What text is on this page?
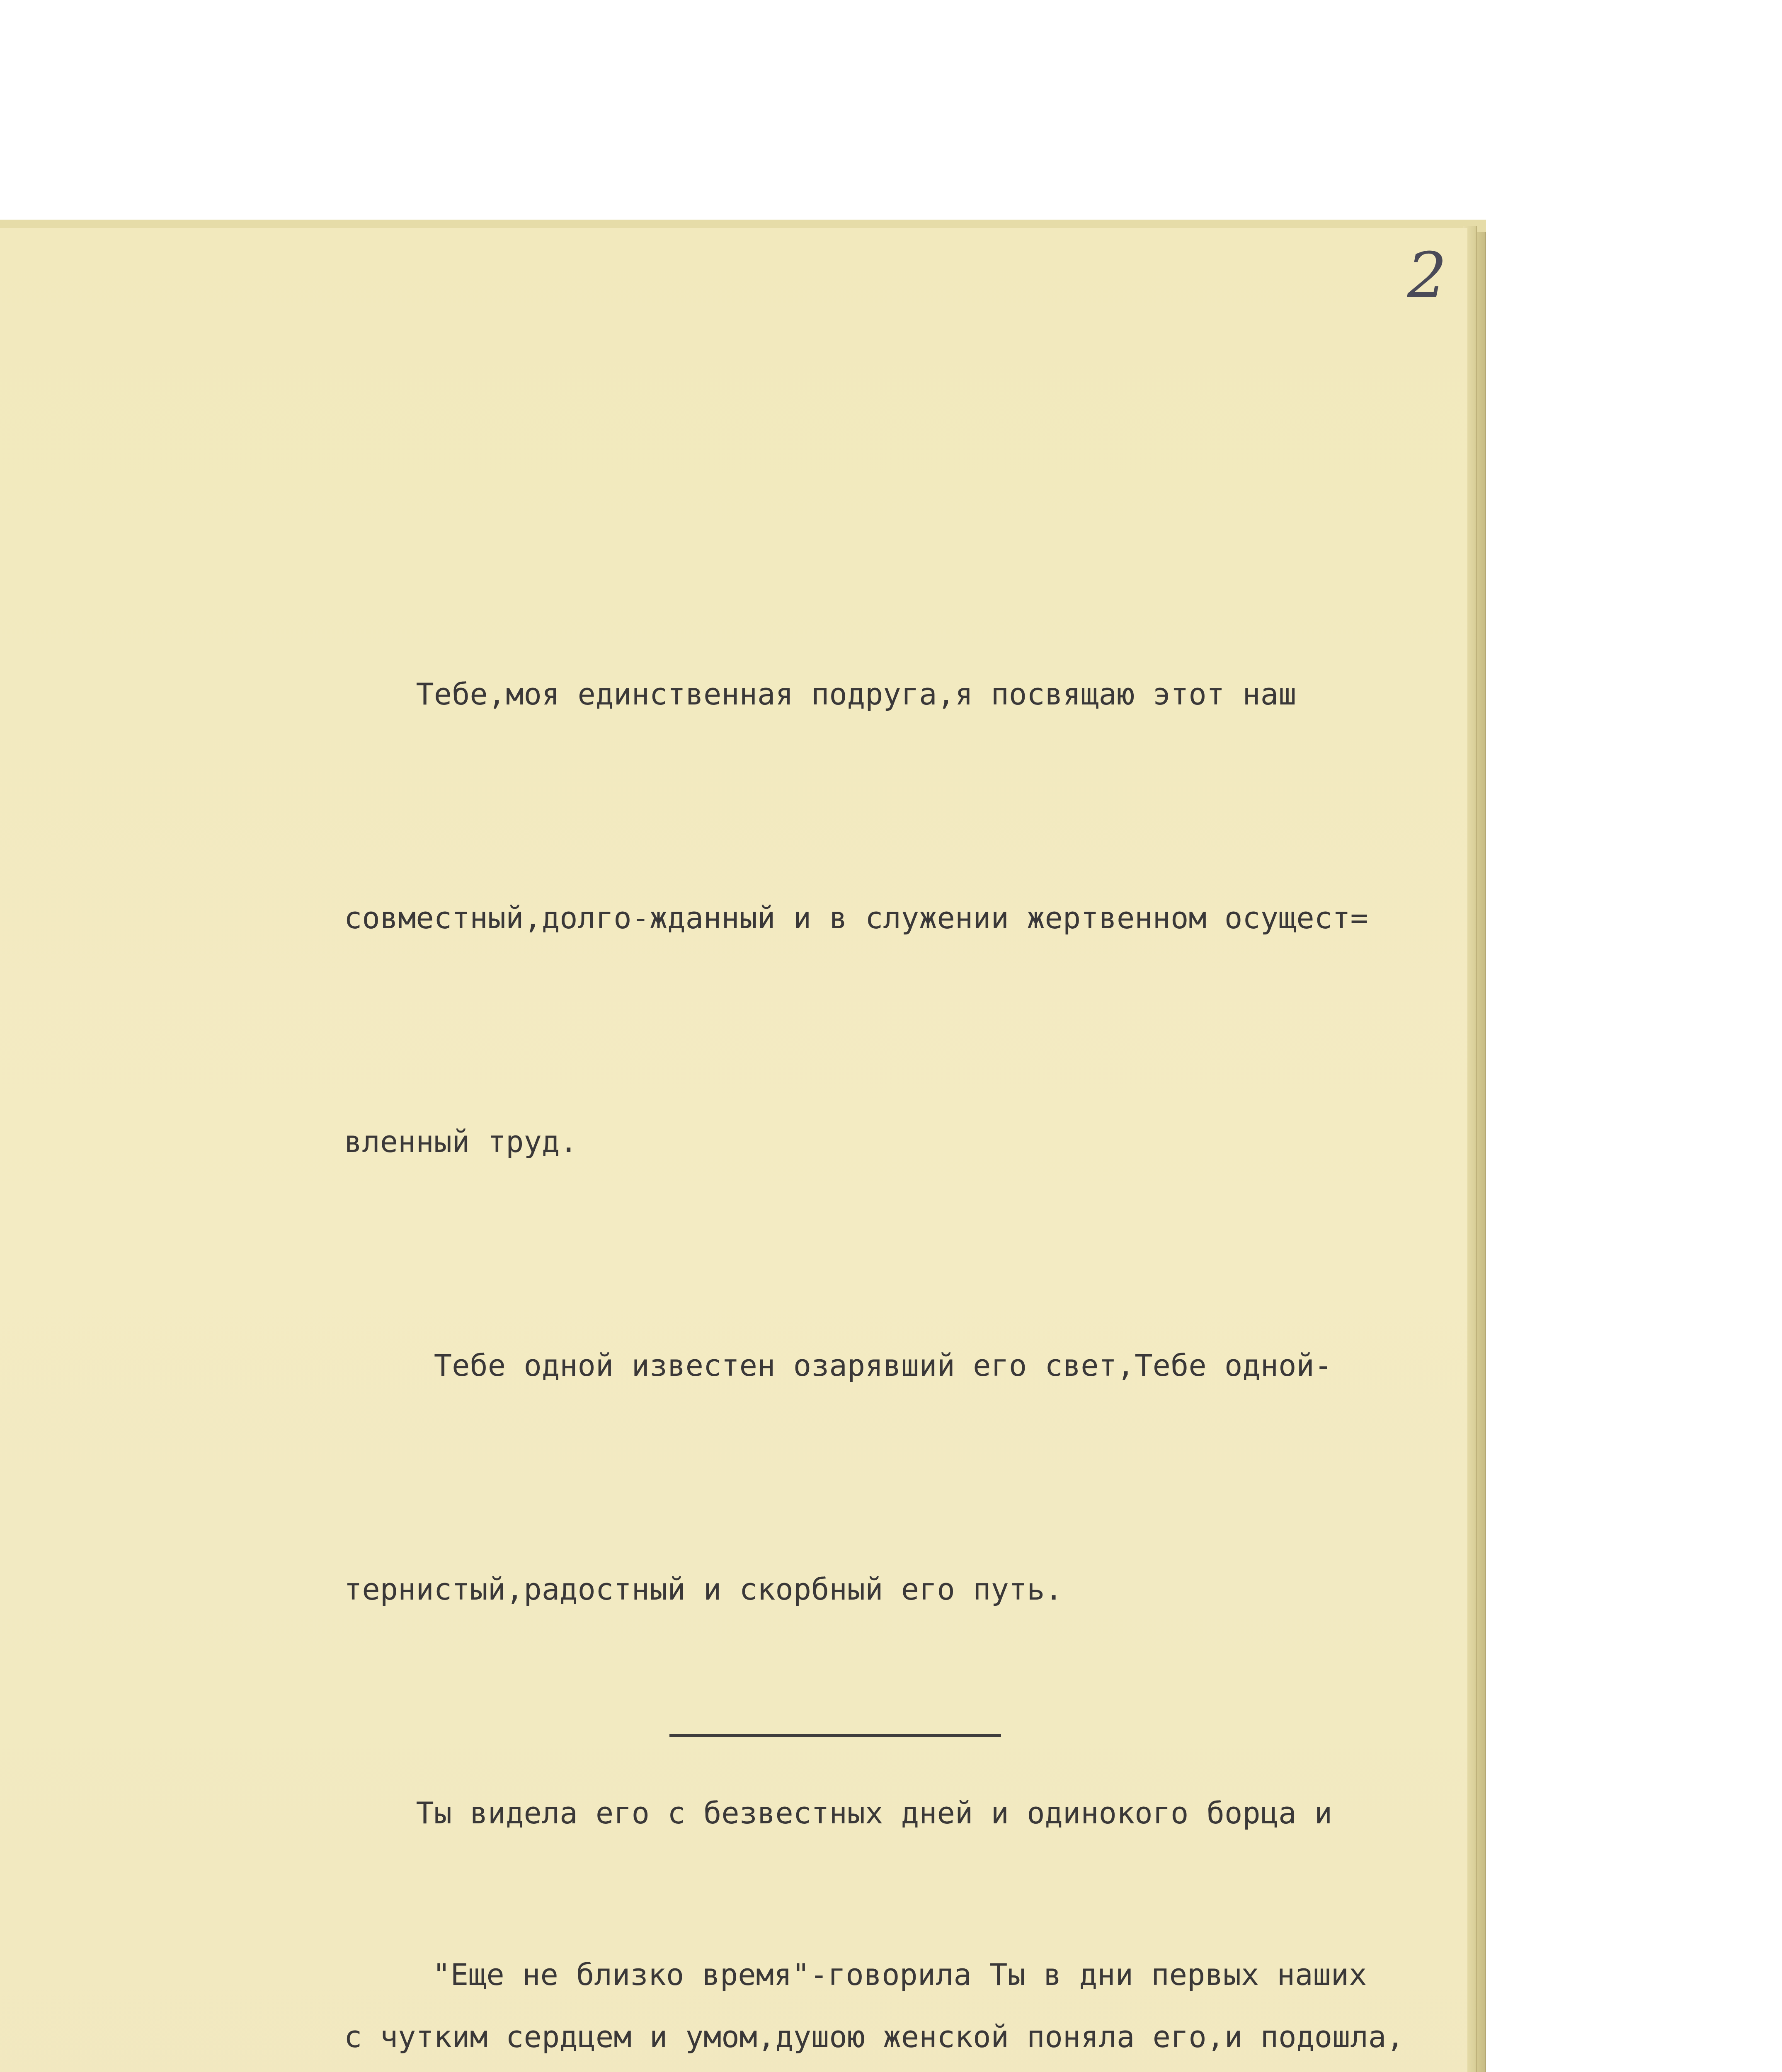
2

Тебе,моя единственная подруга,я посвящаю этот наш

совместный,долго-жданный и в служении жертвенном осущест=

вленный труд.

Тебе одной известен озарявший его свет,Тебе одной-

тернистый,радостный и скорбный его путь.

Ты видела его с безвестных дней и одинокого борца и

с чутким сердцем и умом,душою женской поняла его,и подошла,

"Еще не близко время"-говорила Ты в дни первых наших
